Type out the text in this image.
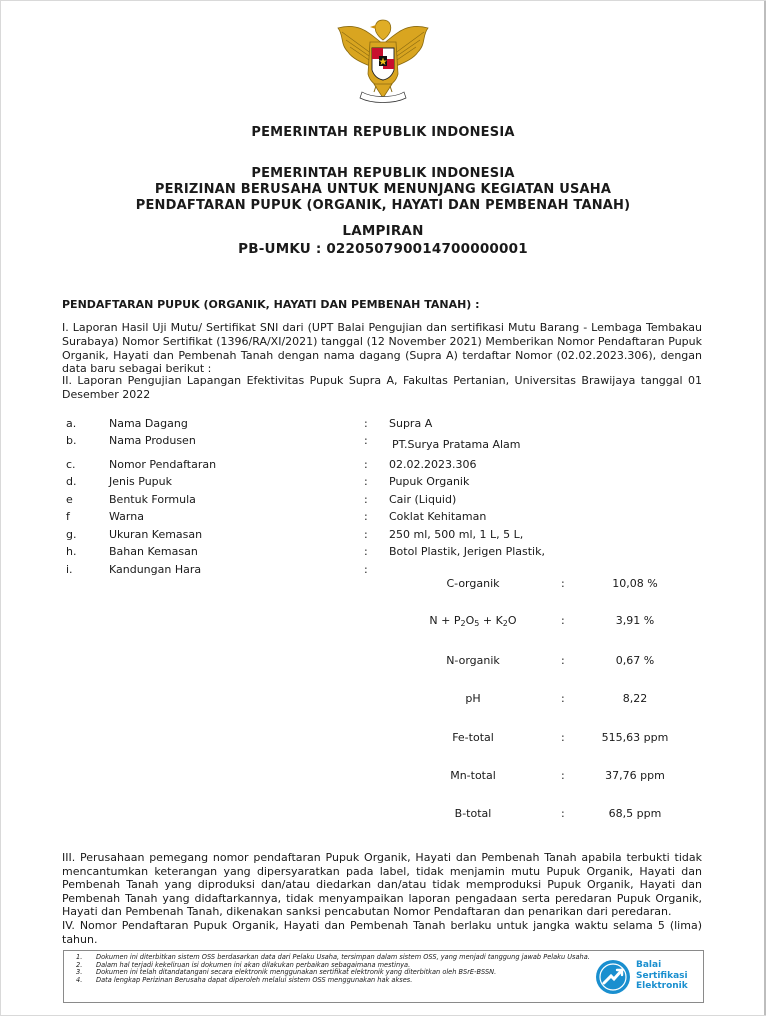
PEMERINTAH REPUBLIK INDONESIA
PEMERINTAH REPUBLIK INDONESIA
PERIZINAN BERUSAHA UNTUK MENUNJANG KEGIATAN USAHA
PENDAFTARAN PUPUK (ORGANIK, HAYATI DAN PEMBENAH TANAH)
LAMPIRAN
PB-UMKU : 022050790014700000001
PENDAFTARAN PUPUK (ORGANIK, HAYATI DAN PEMBENAH TANAH) :
I. Laporan Hasil Uji Mutu/ Sertifikat SNI dari (UPT Balai Pengujian dan sertifikasi Mutu Barang - Lembaga Tembakau Surabaya) Nomor Sertifikat (1396/RA/XI/2021) tanggal (12 November 2021) Memberikan Nomor Pendaftaran Pupuk Organik, Hayati dan Pembenah Tanah dengan nama dagang (Supra A) terdaftar Nomor (02.02.2023.306), dengan data baru sebagai berikut :
II. Laporan Pengujian Lapangan Efektivitas Pupuk Supra A, Fakultas Pertanian, Universitas Brawijaya tanggal 01 Desember 2022
a.	Nama Dagang	: Supra A
b.	Nama Produsen	: PT.Surya Pratama Alam
c.	Nomor Pendaftaran	: 02.02.2023.306
d.	Jenis Pupuk	: Pupuk Organik
e	Bentuk Formula	: Cair (Liquid)
f	Warna	: Coklat Kehitaman
g.	Ukuran Kemasan	: 250 ml, 500 ml, 1 L, 5 L,
h.	Bahan Kemasan	: Botol Plastik, Jerigen Plastik,
i.	Kandungan Hara	:
C-organik	:	10,08 %
$N + P_2O_5 + K_2O$	:	3,91 %
N-organik	:	0,67 %
pH	:	8,22
Fe-total	:	515,63 ppm
Mn-total	:	37,76 ppm
B-total	:	68,5 ppm
III. Perusahaan pemegang nomor pendaftaran Pupuk Organik, Hayati dan Pembenah Tanah apabila terbukti tidak mencantumkan keterangan yang dipersyaratkan pada label, tidak menjamin mutu Pupuk Organik, Hayati dan Pembenah Tanah yang diproduksi dan/atau diedarkan dan/atau tidak memproduksi Pupuk Organik, Hayati dan Pembenah Tanah yang didaftarkannya, tidak menyampaikan laporan pengadaan serta peredaran Pupuk Organik, Hayati dan Pembenah Tanah, dikenakan sanksi pencabutan Nomor Pendaftaran dan penarikan dari peredaran.
IV. Nomor Pendaftaran Pupuk Organik, Hayati dan Pembenah Tanah berlaku untuk jangka waktu selama 5 (lima) tahun.
1. Dokumen ini diterbitkan sistem OSS berdasarkan data dari Pelaku Usaha, tersimpan dalam sistem OSS, yang menjadi tanggung jawab Pelaku Usaha.
2. Dalam hal terjadi kekeliruan isi dokumen ini akan dilakukan perbaikan sebagaimana mestinya.
3. Dokumen ini telah ditandatangani secara elektronik menggunakan sertifikat elektronik yang diterbitkan oleh BSrE-BSSN.
4. Data lengkap Perizinan Berusaha dapat diperoleh melalui sistem OSS menggunakan hak akses.
Balai
Sertifikasi
Elektronik
